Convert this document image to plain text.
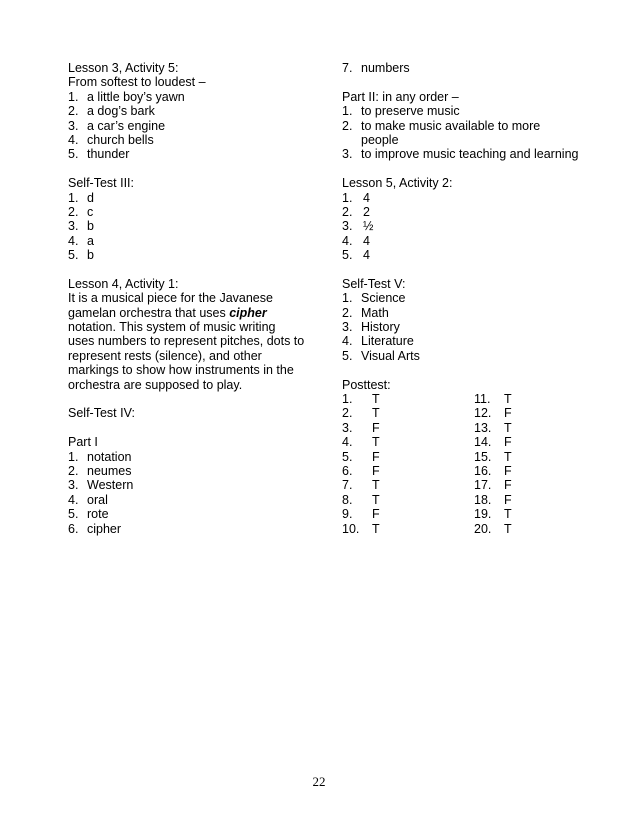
Lesson 3, Activity 5:
From softest to loudest –
1. a little boy’s yawn
2. a dog’s bark
3. a car’s engine
4. church bells
5. thunder
Self-Test III:
1. d
2. c
3. b
4. a
5. b
Lesson 4, Activity 1:
It is a musical piece for the Javanese
gamelan orchestra that uses cipher
notation. This system of music writing
uses numbers to represent pitches, dots to
represent rests (silence), and other
markings to show how instruments in the
orchestra are supposed to play.
Self-Test IV:
Part I
1. notation
2. neumes
3. Western
4. oral
5. rote
6. cipher
7. numbers
Part II: in any order –
1. to preserve music
2. to make music available to more
people
3. to improve music teaching and learning
Lesson 5, Activity 2:
1. 4
2. 2
3. ½
4. 4
5. 4
Self-Test V:
1. Science
2. Math
3. History
4. Literature
5. Visual Arts
Posttest:
1. T	11. T
2. T	12. F
3. F	13. T
4. T	14. F
5. F	15. T
6. F	16. F
7. T	17. F
8. T	18. F
9. F	19. T
10. T	20. T
22
